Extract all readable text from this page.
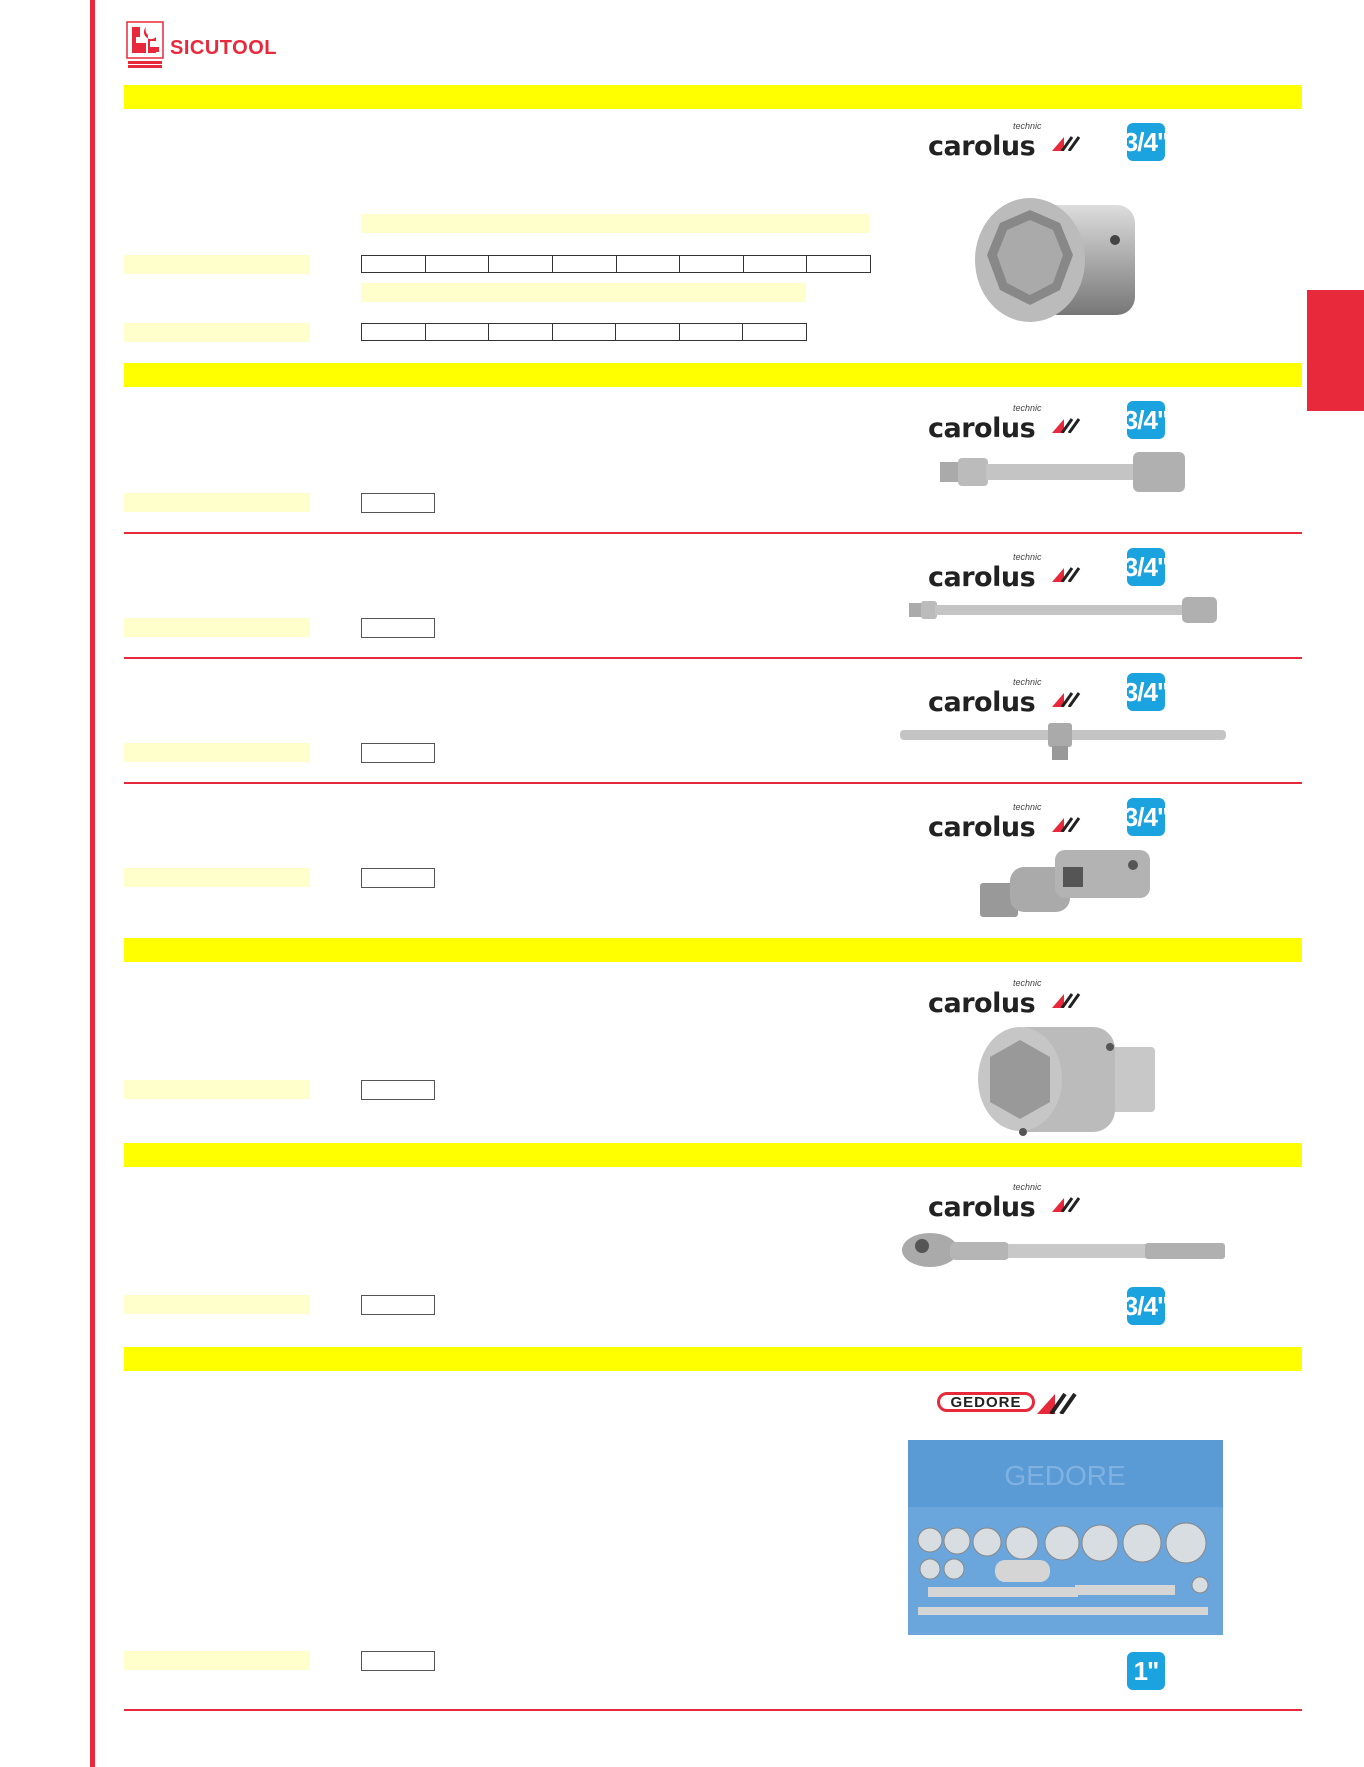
SICUTOOL
technic
carolus	3/4"
technic
carolus	3/4"
technic
carolus	3/4"
technic
carolus	3/4"
technic
carolus	3/4"
technic
carolus
technic
carolus
3/4"
GEDORE
GEDORE
1"
